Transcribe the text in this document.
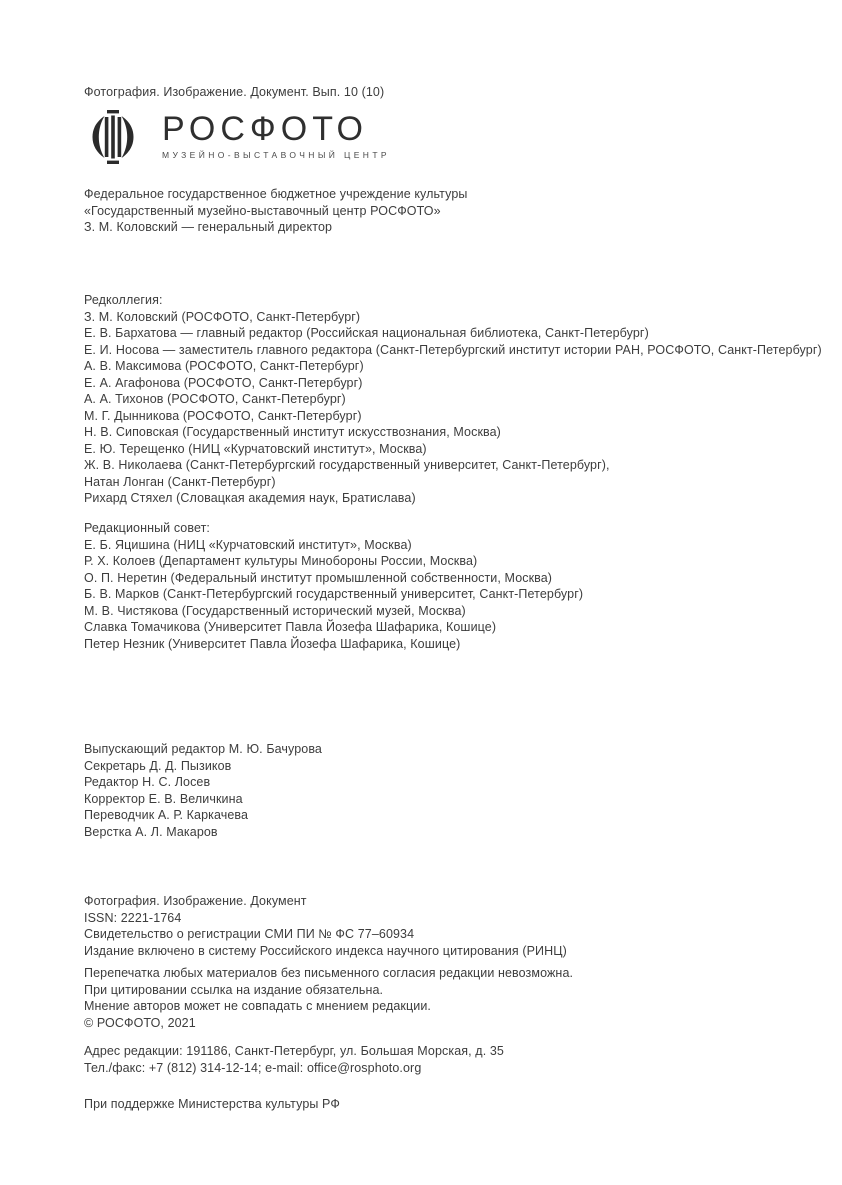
Фотография. Изображение. Документ. Вып. 10 (10)
РОСФОТО
МУЗЕЙНО-ВЫСТАВОЧНЫЙ ЦЕНТР
Федеральное государственное бюджетное учреждение культуры
«Государственный музейно-выставочный центр РОСФОТО»
З. М. Коловский — генеральный директор
Редколлегия:
З. М. Коловский (РОСФОТО, Санкт-Петербург)
Е. В. Бархатова — главный редактор (Российская национальная библиотека, Санкт-Петербург)
Е. И. Носова — заместитель главного редактора (Санкт-Петербургский институт истории РАН, РОСФОТО, Санкт-Петербург)
А. В. Максимова (РОСФОТО, Санкт-Петербург)
Е. А. Агафонова (РОСФОТО, Санкт-Петербург)
А. А. Тихонов (РОСФОТО, Санкт-Петербург)
М. Г. Дынникова (РОСФОТО, Санкт-Петербург)
Н. В. Сиповская (Государственный институт искусствознания, Москва)
Е. Ю. Терещенко (НИЦ «Курчатовский институт», Москва)
Ж. В. Николаева (Санкт-Петербургский государственный университет, Санкт-Петербург),
Натан Лонган (Санкт-Петербург)
Рихард Стяхел (Словацкая академия наук, Братислава)
Редакционный совет:
Е. Б. Яцишина (НИЦ «Курчатовский институт», Москва)
Р. Х. Колоев (Департамент культуры Минобороны России, Москва)
О. П. Неретин (Федеральный институт промышленной собственности, Москва)
Б. В. Марков (Санкт-Петербургский государственный университет, Санкт-Петербург)
М. В. Чистякова (Государственный исторический музей, Москва)
Славка Томачикова (Университет Павла Йозефа Шафарика, Кошице)
Петер Незник (Университет Павла Йозефа Шафарика, Кошице)
Выпускающий редактор М. Ю. Бачурова
Секретарь Д. Д. Пызиков
Редактор Н. С. Лосев
Корректор Е. В. Величкина
Переводчик А. Р. Каркачева
Верстка А. Л. Макаров
Фотография. Изображение. Документ
ISSN: 2221-1764
Свидетельство о регистрации СМИ ПИ № ФС 77–60934
Издание включено в систему Российского индекса научного цитирования (РИНЦ)
Перепечатка любых материалов без письменного согласия редакции невозможна.
При цитировании ссылка на издание обязательна.
Мнение авторов может не совпадать с мнением редакции.
© РОСФОТО, 2021
Адрес редакции: 191186, Санкт-Петербург, ул. Большая Морская, д. 35
Тел./факс: +7 (812) 314-12-14; e-mail: office@rosphoto.org
При поддержке Министерства культуры РФ
